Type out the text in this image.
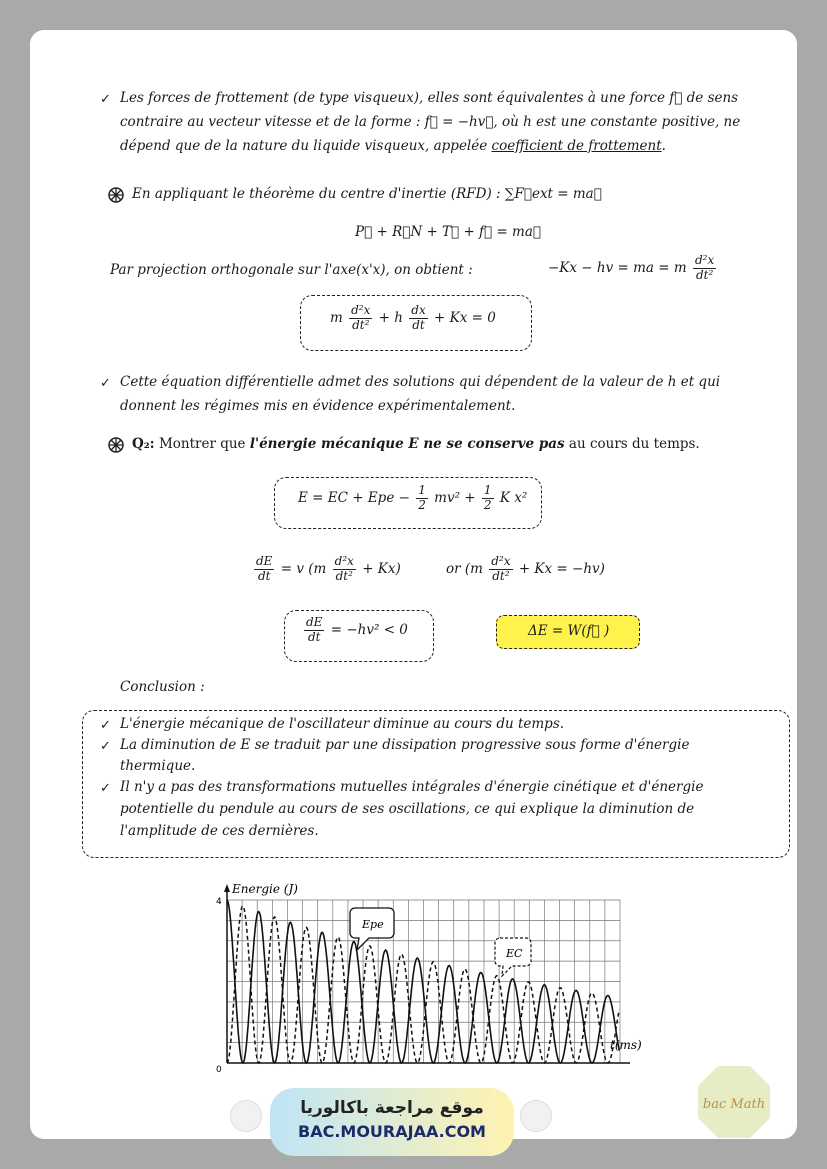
✓ Les forces de frottement (de type visqueux), elles sont équivalentes à une force f⃗ de sens
contraire au vecteur vitesse et de la forme : f⃗ = −hv⃗, où h est une constante positive, ne
dépend que de la nature du liquide visqueux, appelée coefficient de frottement.
En appliquant le théorème du centre d'inertie (RFD) : ∑F⃗ext = ma⃗
P⃗ + R⃗N + T⃗ + f⃗ = ma⃗
Par projection orthogonale sur l'axe(x'x), on obtient :	−Kx − hv = ma = m $\frac{\text{d²x}}{\text{dt²}}$
m $\frac{\text{d²x}}{\text{dt²}} + h \frac{dx}{dt} + Kx = 0$
✓ Cette équation différentielle admet des solutions qui dépendent de la valeur de h et qui
donnent les régimes mis en évidence expérimentalement.
Q₂: Montrer que l'énergie mécanique E ne se conserve pas au cours du temps.
E = EC + Epe − $\frac{1}{2} mv^2 + \frac{1}{2}$ K x²
$\frac{dE}{dt} = v$ $(m \frac{\text{d²x}}{\text{dt²}} + Kx)$	or $(m \frac{\text{d²x}}{\text{dt²}} + Kx = -hv)$
$\frac{dE}{dt} = -hv^2 < 0$	ΔE = W(f⃗ )
Conclusion :
✓ L'énergie mécanique de l'oscillateur diminue au cours du temps.
✓ La diminution de E se traduit par une dissipation progressive sous forme d'énergie
thermique.
✓ Il n'y a pas des transformations mutuelles intégrales d'énergie cinétique et d'énergie
potentielle du pendule au cours de ses oscillations, ce qui explique la diminution de
l'amplitude de ces dernières.
Energie (J)
4
0
t(ms)
Epe
EC
موقع مراجعة باكالوريا
BAC.MOURAJAA.COM
bac Math
